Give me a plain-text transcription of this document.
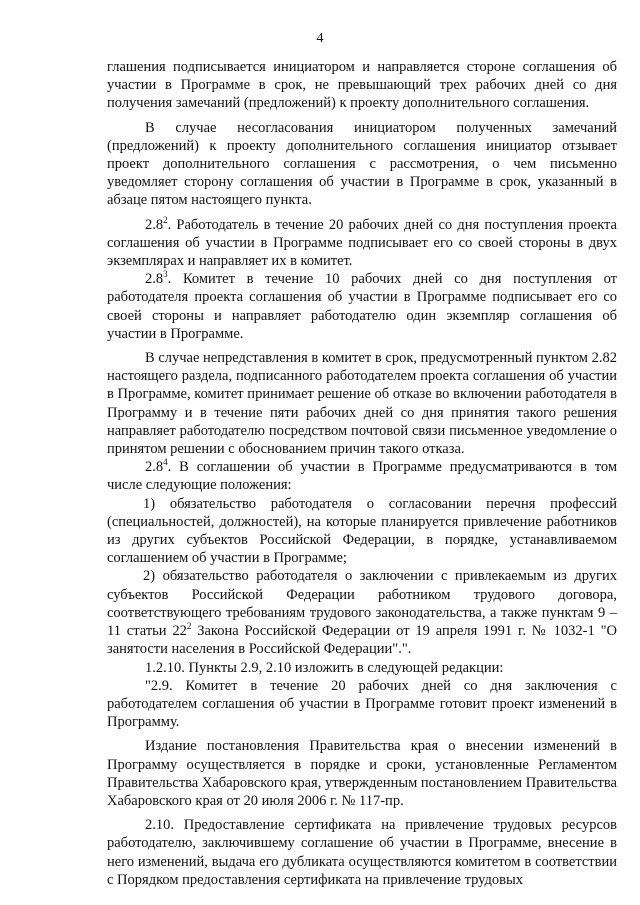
4

глашения подписывается инициатором и направляется стороне соглашения об участии в Программе в срок, не превышающий трех рабочих дней со дня получения замечаний (предложений) к проекту дополнительного соглашения.

В случае несогласования инициатором полученных замечаний (предложений) к проекту дополнительного соглашения инициатор отзывает проект дополнительного соглашения с рассмотрения, о чем письменно уведомляет сторону соглашения об участии в Программе в срок, указанный в абзаце пятом настоящего пункта.

$2.8^2$. Работодатель в течение 20 рабочих дней со дня поступления проекта соглашения об участии в Программе подписывает его со своей стороны в двух экземплярах и направляет их в комитет.

$2.8^3$. Комитет в течение 10 рабочих дней со дня поступления от работодателя проекта соглашения об участии в Программе подписывает его со своей стороны и направляет работодателю один экземпляр соглашения об участии в Программе.

В случае непредставления в комитет в срок, предусмотренный пунктом 2.82 настоящего раздела, подписанного работодателем проекта соглашения об участии в Программе, комитет принимает решение об отказе во включении работодателя в Программу и в течение пяти рабочих дней со дня принятия такого решения направляет работодателю посредством почтовой связи письменное уведомление о принятом решении с обоснованием причин такого отказа.

$2.8^4$. В соглашении об участии в Программе предусматриваются в том числе следующие положения:

1) обязательство работодателя о согласовании перечня профессий (специальностей, должностей), на которые планируется привлечение работников из других субъектов Российской Федерации, в порядке, устанавливаемом соглашением об участии в Программе;

2) обязательство работодателя о заключении с привлекаемым из других субъектов Российской Федерации работником трудового договора, соответствующего требованиям трудового законодательства, а также пунктам 9 – 11 статьи $22^2$ Закона Российской Федерации от 19 апреля 1991 г. № 1032-1 "О занятости населения в Российской Федерации".".

1.2.10. Пункты 2.9, 2.10 изложить в следующей редакции:

"2.9. Комитет в течение 20 рабочих дней со дня заключения с работодателем соглашения об участии в Программе готовит проект изменений в Программу.

Издание постановления Правительства края о внесении изменений в Программу осуществляется в порядке и сроки, установленные Регламентом Правительства Хабаровского края, утвержденным постановлением Правительства Хабаровского края от 20 июля 2006 г. № 117-пр.

2.10. Предоставление сертификата на привлечение трудовых ресурсов работодателю, заключившему соглашение об участии в Программе, внесение в него изменений, выдача его дубликата осуществляются комитетом в соответствии с Порядком предоставления сертификата на привлечение трудовых
